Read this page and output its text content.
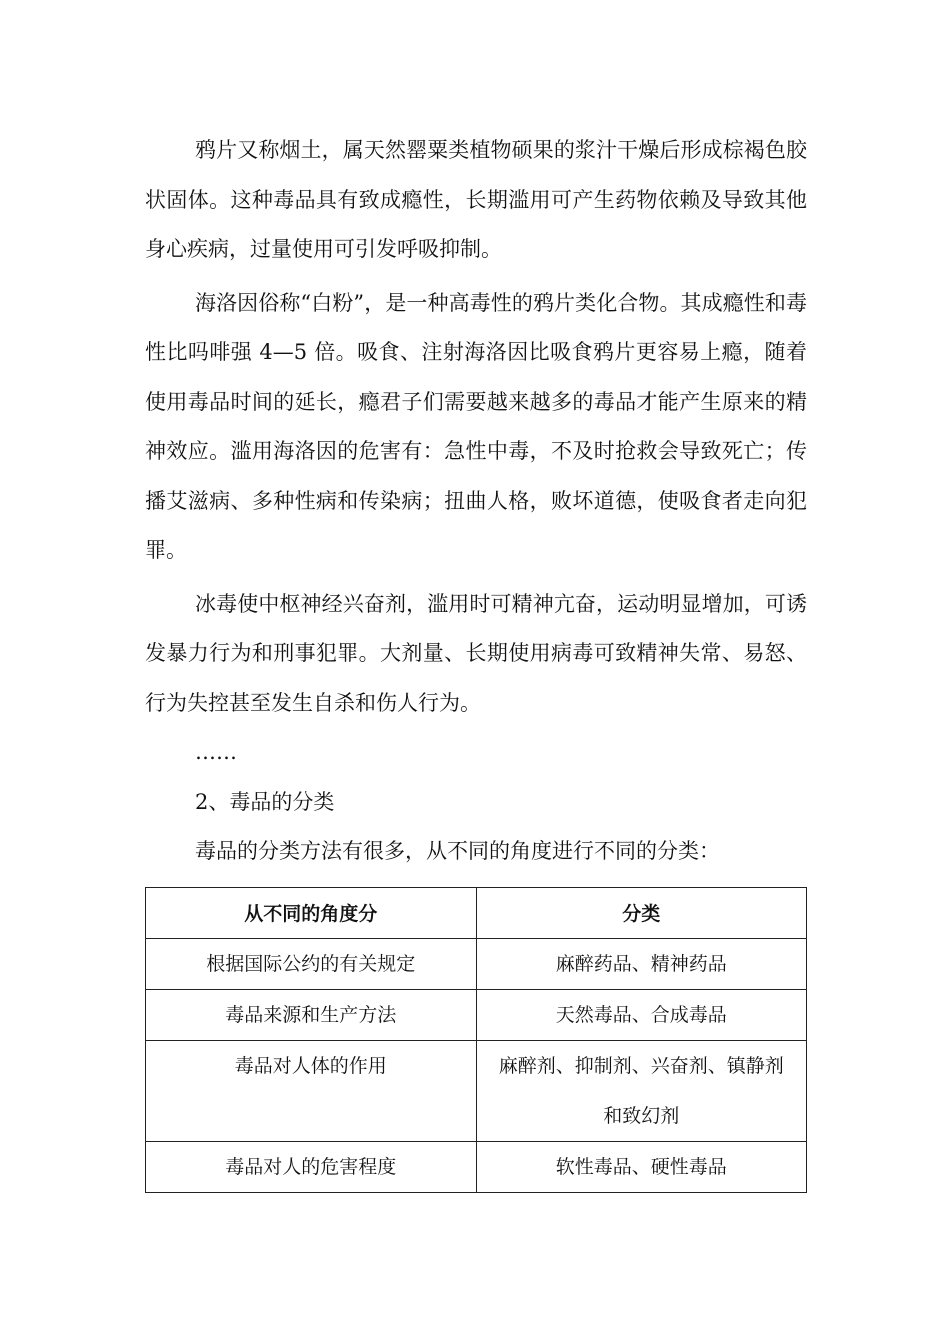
鸦片又称烟土，属天然罂粟类植物硕果的浆汁干燥后形成棕褐色胶状固体。这种毒品具有致成瘾性，长期滥用可产生药物依赖及导致其他身心疾病，过量使用可引发呼吸抑制。

海洛因俗称“白粉”，是一种高毒性的鸦片类化合物。其成瘾性和毒性比吗啡强 4—5 倍。吸食、注射海洛因比吸食鸦片更容易上瘾，随着使用毒品时间的延长，瘾君子们需要越来越多的毒品才能产生原来的精神效应。滥用海洛因的危害有：急性中毒，不及时抢救会导致死亡；传播艾滋病、多种性病和传染病；扭曲人格，败坏道德，使吸食者走向犯罪。

冰毒使中枢神经兴奋剂，滥用时可精神亢奋，运动明显增加，可诱发暴力行为和刑事犯罪。大剂量、长期使用病毒可致精神失常、易怒、行为失控甚至发生自杀和伤人行为。

……

2、毒品的分类

毒品的分类方法有很多，从不同的角度进行不同的分类：

从不同的角度分	分类
根据国际公约的有关规定	麻醉药品、精神药品
毒品来源和生产方法	天然毒品、合成毒品
毒品对人体的作用	麻醉剂、抑制剂、兴奋剂、镇静剂和致幻剂
毒品对人的危害程度	软性毒品、硬性毒品
